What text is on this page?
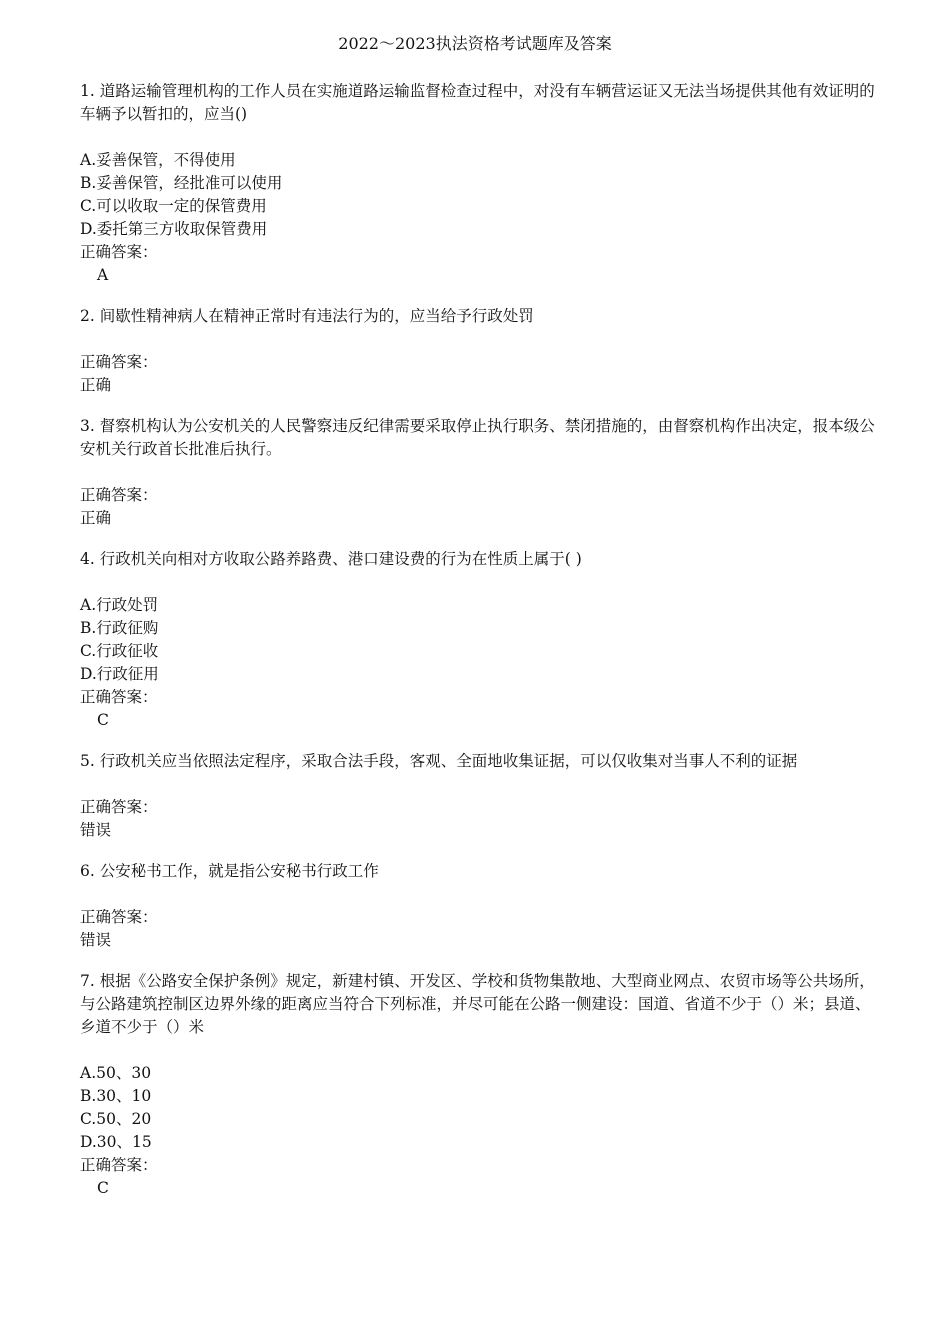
2022～2023执法资格考试题库及答案

1. 道路运输管理机构的工作人员在实施道路运输监督检查过程中，对没有车辆营运证又无法当场提供其他有效证明的车辆予以暂扣的，应当()

A.妥善保管，不得使用

B.妥善保管，经批准可以使用

C.可以收取一定的保管费用

D.委托第三方收取保管费用

正确答案：

A

2. 间歇性精神病人在精神正常时有违法行为的，应当给予行政处罚

正确答案：

正确

3. 督察机构认为公安机关的人民警察违反纪律需要采取停止执行职务、禁闭措施的，由督察机构作出决定，报本级公安机关行政首长批准后执行。

正确答案：

正确

4. 行政机关向相对方收取公路养路费、港口建设费的行为在性质上属于( )

A.行政处罚

B.行政征购

C.行政征收

D.行政征用

正确答案：

C

5. 行政机关应当依照法定程序，采取合法手段，客观、全面地收集证据，可以仅收集对当事人不利的证据

正确答案：

错误

6. 公安秘书工作，就是指公安秘书行政工作

正确答案：

错误

7. 根据《公路安全保护条例》规定，新建村镇、开发区、学校和货物集散地、大型商业网点、农贸市场等公共场所，与公路建筑控制区边界外缘的距离应当符合下列标准，并尽可能在公路一侧建设：国道、省道不少于（）米；县道、乡道不少于（）米

A.50、30

B.30、10

C.50、20

D.30、15

正确答案：

C
